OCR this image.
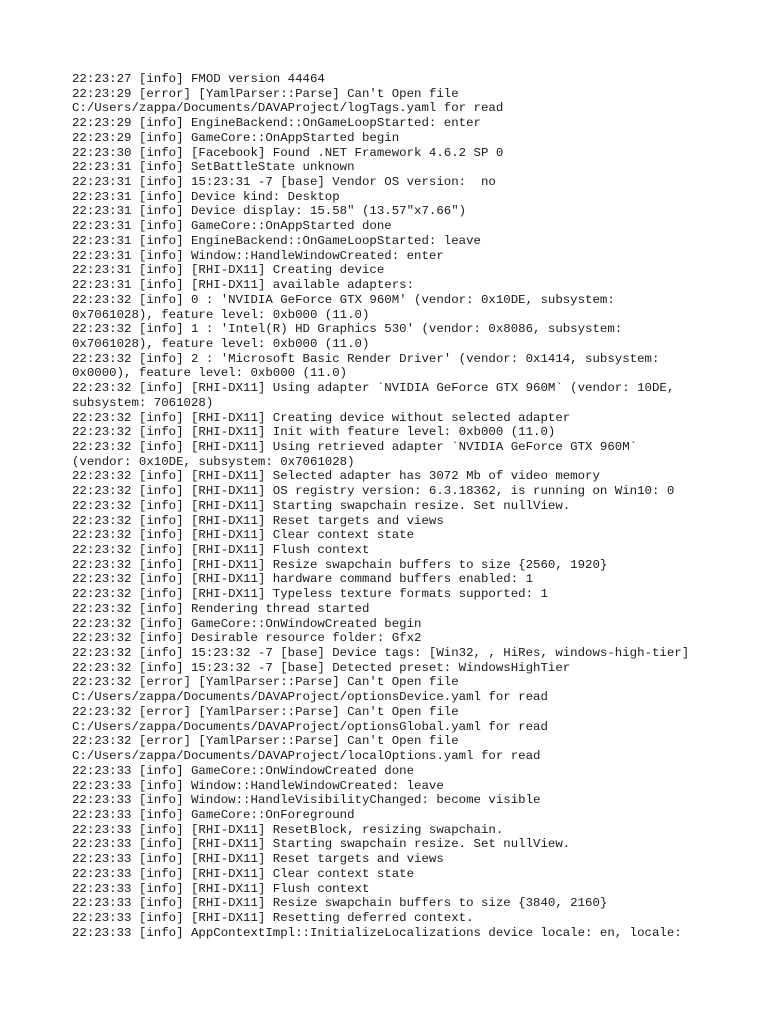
22:23:27 [info] FMOD version 44464
22:23:29 [error] [YamlParser::Parse] Can't Open file
C:/Users/zappa/Documents/DAVAProject/logTags.yaml for read
22:23:29 [info] EngineBackend::OnGameLoopStarted: enter
22:23:29 [info] GameCore::OnAppStarted begin
22:23:30 [info] [Facebook] Found .NET Framework 4.6.2 SP 0
22:23:31 [info] SetBattleState unknown
22:23:31 [info] 15:23:31 -7 [base] Vendor OS version:  no
22:23:31 [info] Device kind: Desktop
22:23:31 [info] Device display: 15.58" (13.57"x7.66")
22:23:31 [info] GameCore::OnAppStarted done
22:23:31 [info] EngineBackend::OnGameLoopStarted: leave
22:23:31 [info] Window::HandleWindowCreated: enter
22:23:31 [info] [RHI-DX11] Creating device
22:23:31 [info] [RHI-DX11] available adapters:
22:23:32 [info] 0 : 'NVIDIA GeForce GTX 960M' (vendor: 0x10DE, subsystem:
0x7061028), feature level: 0xb000 (11.0)
22:23:32 [info] 1 : 'Intel(R) HD Graphics 530' (vendor: 0x8086, subsystem:
0x7061028), feature level: 0xb000 (11.0)
22:23:32 [info] 2 : 'Microsoft Basic Render Driver' (vendor: 0x1414, subsystem:
0x0000), feature level: 0xb000 (11.0)
22:23:32 [info] [RHI-DX11] Using adapter `NVIDIA GeForce GTX 960M` (vendor: 10DE,
subsystem: 7061028)
22:23:32 [info] [RHI-DX11] Creating device without selected adapter
22:23:32 [info] [RHI-DX11] Init with feature level: 0xb000 (11.0)
22:23:32 [info] [RHI-DX11] Using retrieved adapter `NVIDIA GeForce GTX 960M`
(vendor: 0x10DE, subsystem: 0x7061028)
22:23:32 [info] [RHI-DX11] Selected adapter has 3072 Mb of video memory
22:23:32 [info] [RHI-DX11] OS registry version: 6.3.18362, is running on Win10: 0
22:23:32 [info] [RHI-DX11] Starting swapchain resize. Set nullView.
22:23:32 [info] [RHI-DX11] Reset targets and views
22:23:32 [info] [RHI-DX11] Clear context state
22:23:32 [info] [RHI-DX11] Flush context
22:23:32 [info] [RHI-DX11] Resize swapchain buffers to size {2560, 1920}
22:23:32 [info] [RHI-DX11] hardware command buffers enabled: 1
22:23:32 [info] [RHI-DX11] Typeless texture formats supported: 1
22:23:32 [info] Rendering thread started
22:23:32 [info] GameCore::OnWindowCreated begin
22:23:32 [info] Desirable resource folder: Gfx2
22:23:32 [info] 15:23:32 -7 [base] Device tags: [Win32, , HiRes, windows-high-tier]
22:23:32 [info] 15:23:32 -7 [base] Detected preset: WindowsHighTier
22:23:32 [error] [YamlParser::Parse] Can't Open file
C:/Users/zappa/Documents/DAVAProject/optionsDevice.yaml for read
22:23:32 [error] [YamlParser::Parse] Can't Open file
C:/Users/zappa/Documents/DAVAProject/optionsGlobal.yaml for read
22:23:32 [error] [YamlParser::Parse] Can't Open file
C:/Users/zappa/Documents/DAVAProject/localOptions.yaml for read
22:23:33 [info] GameCore::OnWindowCreated done
22:23:33 [info] Window::HandleWindowCreated: leave
22:23:33 [info] Window::HandleVisibilityChanged: become visible
22:23:33 [info] GameCore::OnForeground
22:23:33 [info] [RHI-DX11] ResetBlock, resizing swapchain.
22:23:33 [info] [RHI-DX11] Starting swapchain resize. Set nullView.
22:23:33 [info] [RHI-DX11] Reset targets and views
22:23:33 [info] [RHI-DX11] Clear context state
22:23:33 [info] [RHI-DX11] Flush context
22:23:33 [info] [RHI-DX11] Resize swapchain buffers to size {3840, 2160}
22:23:33 [info] [RHI-DX11] Resetting deferred context.
22:23:33 [info] AppContextImpl::InitializeLocalizations device locale: en, locale:
